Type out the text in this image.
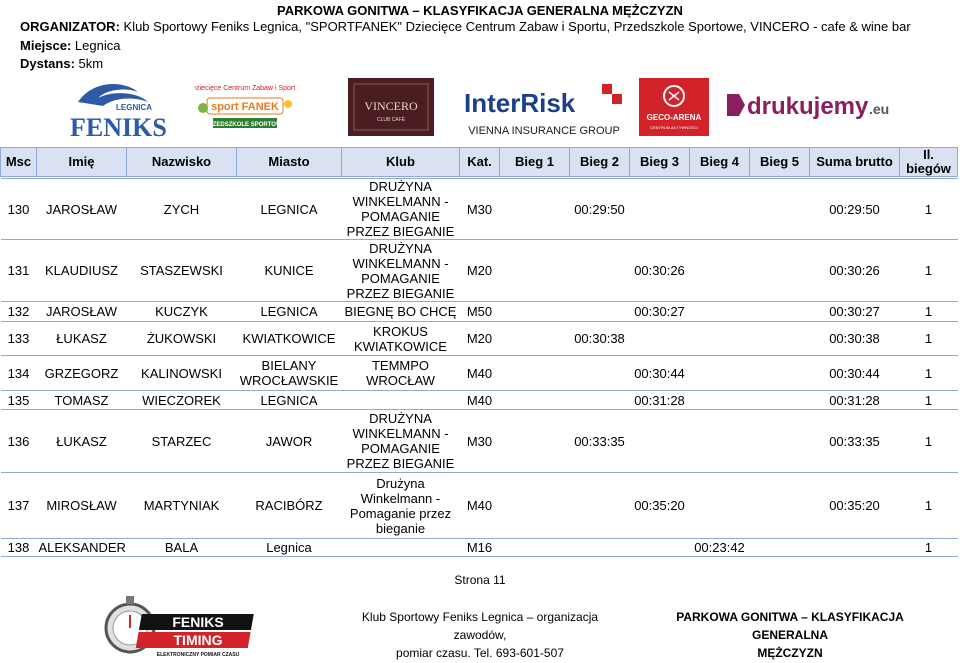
PARKOWA GONITWA – KLASYFIKACJA GENERALNA MĘŻCZYZN
ORGANIZATOR: Klub Sportowy Feniks Legnica, "SPORTFANEK" Dziecięce Centrum Zabaw i Sportu, Przedszkole Sportowe, VINCERO - cafe & wine bar
Miejsce: Legnica
Dystans: 5km
LEGNICA
FENIKS
Dziecięce Centrum Zabaw i Sportu
sport FANEK
PRZEDSZKOLE SPORTOWE
VINCERO
CLUB CAFÉ
InterRisk
VIENNA INSURANCE GROUP
GECO-ARENA
CENTRUM AKTYWNOŚCI
drukujemy .eu
Msc	Imię	Nazwisko	Miasto	Klub	Kat.	Bieg 1	Bieg 2	Bieg 3	Bieg 4	Bieg 5	Suma brutto	Il. biegów

130	JAROSŁAW	ZYCH	LEGNICA	DRUŻYNA WINKELMANN - POMAGANIE PRZEZ BIEGANIE	M30		00:29:50				00:29:50	1
131	KLAUDIUSZ	STASZEWSKI	KUNICE	DRUŻYNA WINKELMANN - POMAGANIE PRZEZ BIEGANIE	M20			00:30:26			00:30:26	1
132	JAROSŁAW	KUCZYK	LEGNICA	BIEGNĘ BO CHCĘ	M50			00:30:27			00:30:27	1
133	ŁUKASZ	ŻUKOWSKI	KWIATKOWICE	KROKUS KWIATKOWICE	M20		00:30:38				00:30:38	1
134	GRZEGORZ	KALINOWSKI	BIELANY WROCŁAWSKIE	TEMMPO WROCŁAW	M40			00:30:44			00:30:44	1
135	TOMASZ	WIECZOREK	LEGNICA		M40			00:31:28			00:31:28	1
136	ŁUKASZ	STARZEC	JAWOR	DRUŻYNA WINKELMANN - POMAGANIE PRZEZ BIEGANIE	M30		00:33:35				00:33:35	1
137	MIROSŁAW	MARTYNIAK	RACIBÓRZ	Drużyna Winkelmann - Pomaganie przez bieganie	M40			00:35:20			00:35:20	1
138	ALEKSANDER	BALA	Legnica		M16				00:23:42			1
Strona 11
FENIKS
TIMING
ELEKTRONICZNY POMIAR CZASU
Klub Sportowy Feniks Legnica – organizacja zawodów,
pomiar czasu. Tel. 693-601-507
PARKOWA GONITWA – KLASYFIKACJA GENERALNA
MĘŻCZYZN
